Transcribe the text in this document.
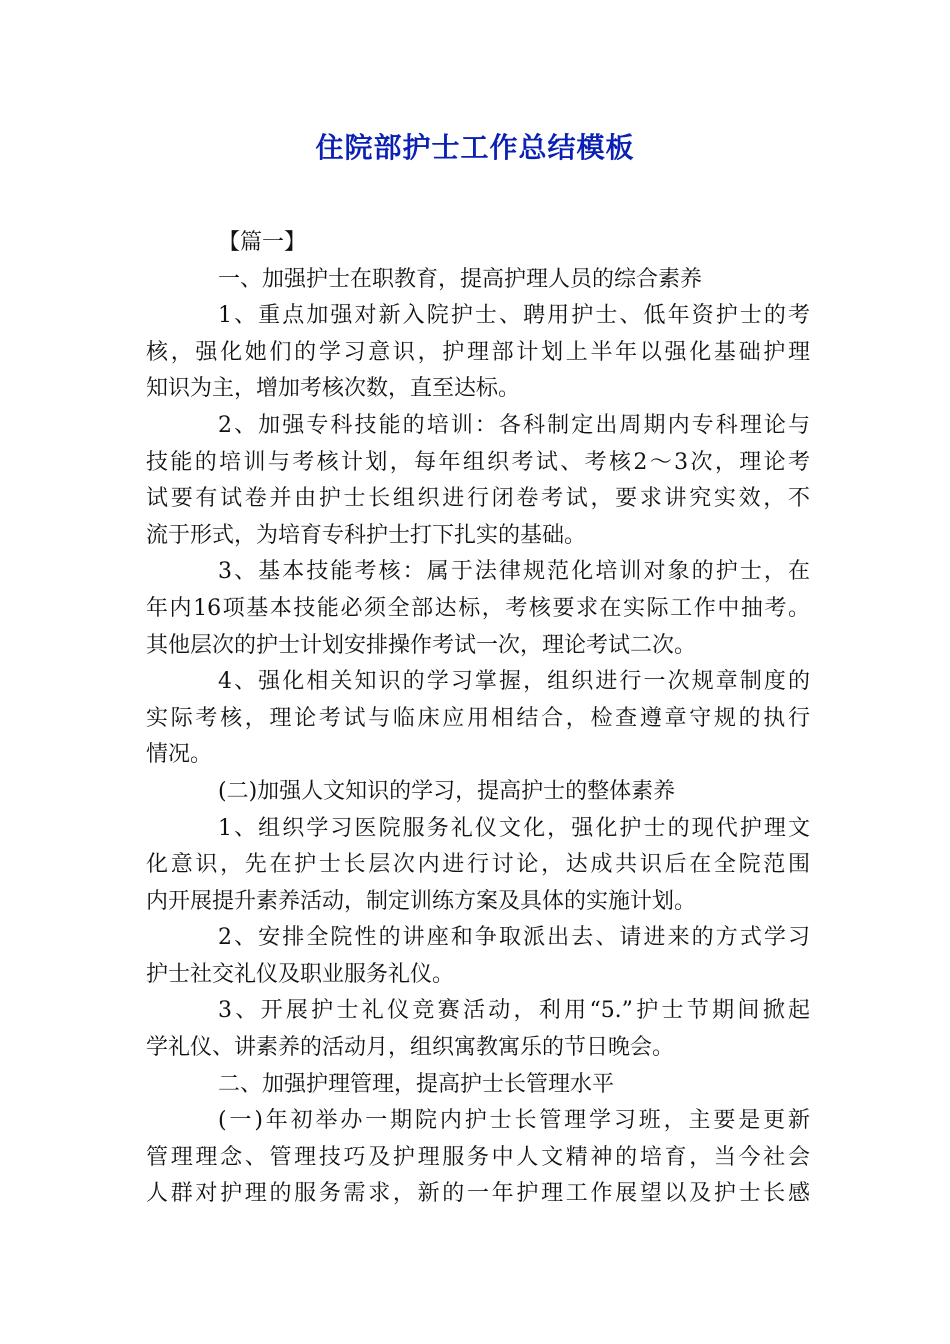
住院部护士工作总结模板
【篇一】
一、加强护士在职教育，提高护理人员的综合素养
1、重点加强对新入院护士、聘用护士、低年资护士的考
核，强化她们的学习意识，护理部计划上半年以强化基础护理
知识为主，增加考核次数，直至达标。
2、加强专科技能的培训：各科制定出周期内专科理论与
技能的培训与考核计划，每年组织考试、考核2～3次，理论考
试要有试卷并由护士长组织进行闭卷考试，要求讲究实效，不
流于形式，为培育专科护士打下扎实的基础。
3、基本技能考核：属于法律规范化培训对象的护士，在
年内16项基本技能必须全部达标，考核要求在实际工作中抽考。
其他层次的护士计划安排操作考试一次，理论考试二次。
4、强化相关知识的学习掌握，组织进行一次规章制度的
实际考核，理论考试与临床应用相结合，检查遵章守规的执行
情况。
(二)加强人文知识的学习，提高护士的整体素养
1、组织学习医院服务礼仪文化，强化护士的现代护理文
化意识，先在护士长层次内进行讨论，达成共识后在全院范围
内开展提升素养活动，制定训练方案及具体的实施计划。
2、安排全院性的讲座和争取派出去、请进来的方式学习
护士社交礼仪及职业服务礼仪。
3、开展护士礼仪竞赛活动，利用“5.”护士节期间掀起
学礼仪、讲素养的活动月，组织寓教寓乐的节日晚会。
二、加强护理管理，提高护士长管理水平
(一)年初举办一期院内护士长管理学习班，主要是更新
管理理念、管理技巧及护理服务中人文精神的培育，当今社会
人群对护理的服务需求，新的一年护理工作展望以及护士长感
